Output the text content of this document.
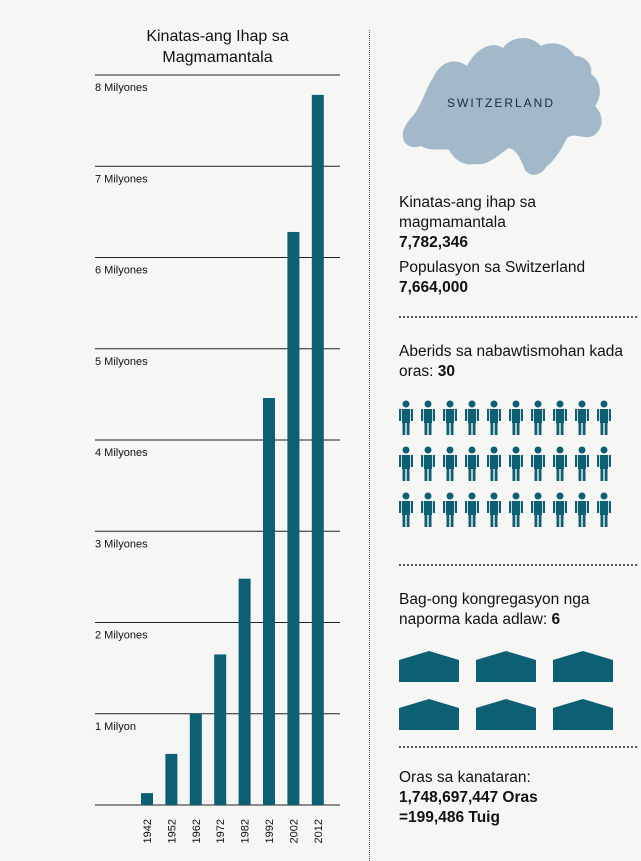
Kinatas-ang Ihap sa Magmamantala
1 Milyon
2 Milyones
3 Milyones
4 Milyones
5 Milyones
6 Milyones
7 Milyones
8 Milyones
1942 1952 1962 1972 1982 1992 2002 2012
SWITZERLAND
Kinatas-ang ihap sa magmamantala
7,782,346
Populasyon sa Switzerland
7,664,000
Aberids sa nabawtismohan kada oras: 30
Bag-ong kongregasyon nga naporma kada adlaw: 6
Oras sa kanataran:
1,748,697,447 Oras
=199,486 Tuig
